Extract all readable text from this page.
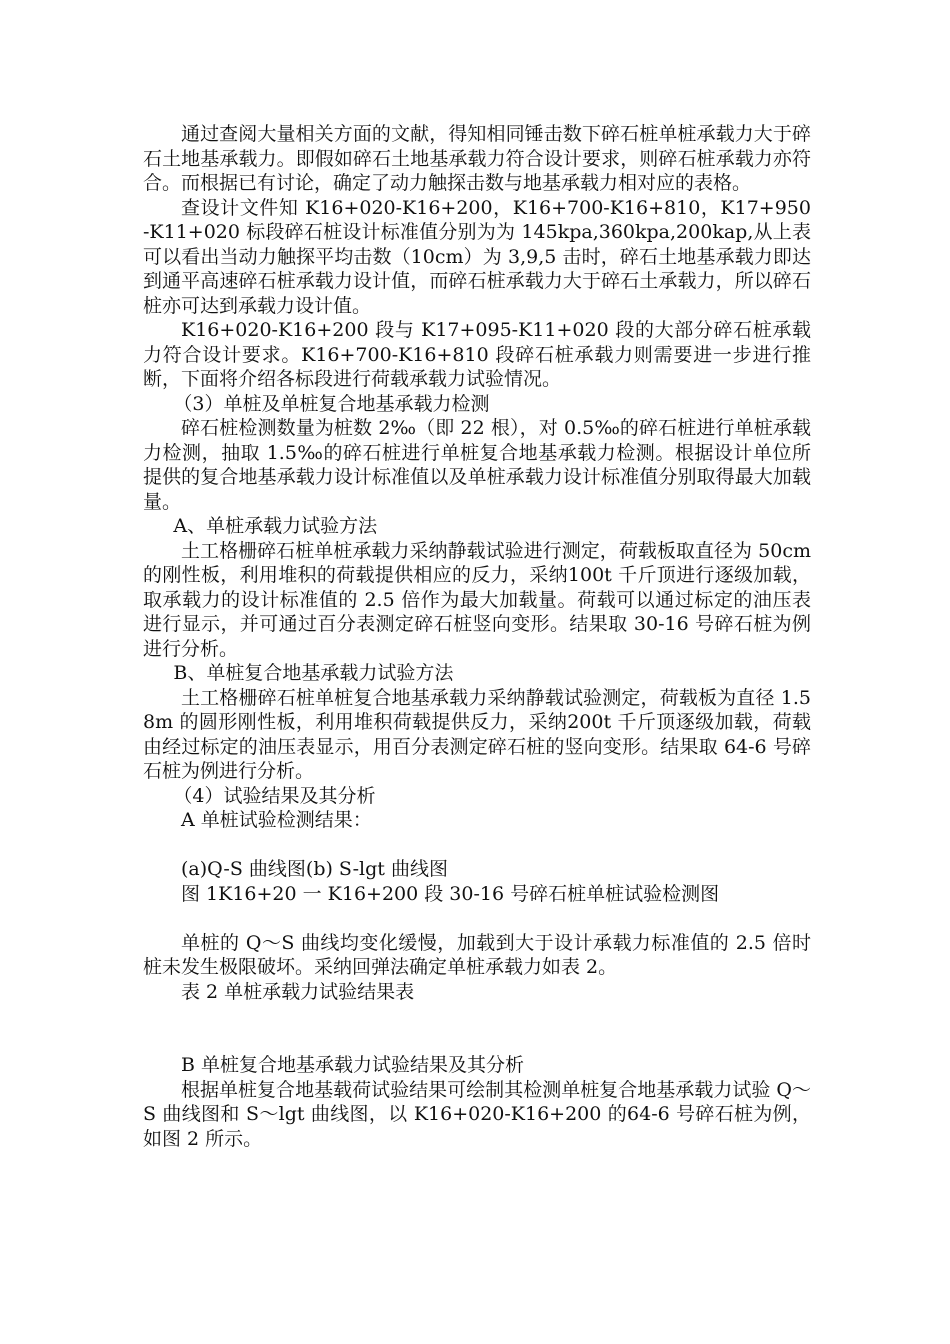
通过查阅大量相关方面的文献，得知相同锤击数下碎石桩单桩承载力大于碎石土地基承载力。即假如碎石土地基承载力符合设计要求，则碎石桩承载力亦符合。而根据已有讨论，确定了动力触探击数与地基承载力相对应的表格。

查设计文件知 K16+020-K16+200，K16+700-K16+810，K17+950-K11+020 标段碎石桩设计标准值分别为为 145kpa,360kpa,200kap,从上表可以看出当动力触探平均击数（10cm）为 3,9,5 击时，碎石土地基承载力即达到通平高速碎石桩承载力设计值，而碎石桩承载力大于碎石土承载力，所以碎石桩亦可达到承载力设计值。

K16+020-K16+200 段与 K17+095-K11+020 段的大部分碎石桩承载力符合设计要求。K16+700-K16+810 段碎石桩承载力则需要进一步进行推断，下面将介绍各标段进行荷载承载力试验情况。

（3）单桩及单桩复合地基承载力检测

碎石桩检测数量为桩数 2‰（即 22 根），对 0.5‰的碎石桩进行单桩承载力检测，抽取 1.5‰的碎石桩进行单桩复合地基承载力检测。根据设计单位所提供的复合地基承载力设计标准值以及单桩承载力设计标准值分别取得最大加载量。

A、单桩承载力试验方法

土工格栅碎石桩单桩承载力采纳静载试验进行测定，荷载板取直径为 50cm 的刚性板，利用堆积的荷载提供相应的反力，采纳100t 千斤顶进行逐级加载，取承载力的设计标准值的 2.5 倍作为最大加载量。荷载可以通过标定的油压表进行显示，并可通过百分表测定碎石桩竖向变形。结果取 30-16 号碎石桩为例进行分析。

B、单桩复合地基承载力试验方法

土工格栅碎石桩单桩复合地基承载力采纳静载试验测定，荷载板为直径 1.58m 的圆形刚性板，利用堆积荷载提供反力，采纳200t 千斤顶逐级加载，荷载由经过标定的油压表显示，用百分表测定碎石桩的竖向变形。结果取 64-6 号碎石桩为例进行分析。

（4）试验结果及其分析

A 单桩试验检测结果：

(a)Q-S 曲线图(b) S-lgt 曲线图

图 1K16+20 一 K16+200 段 30-16 号碎石桩单桩试验检测图

单桩的 Q～S 曲线均变化缓慢，加载到大于设计承载力标准值的 2.5 倍时桩未发生极限破坏。采纳回弹法确定单桩承载力如表 2。

表 2 单桩承载力试验结果表

B 单桩复合地基承载力试验结果及其分析

根据单桩复合地基载荷试验结果可绘制其检测单桩复合地基承载力试验 Q～S 曲线图和 S～lgt 曲线图，以 K16+020-K16+200 的64-6 号碎石桩为例，如图 2 所示。
